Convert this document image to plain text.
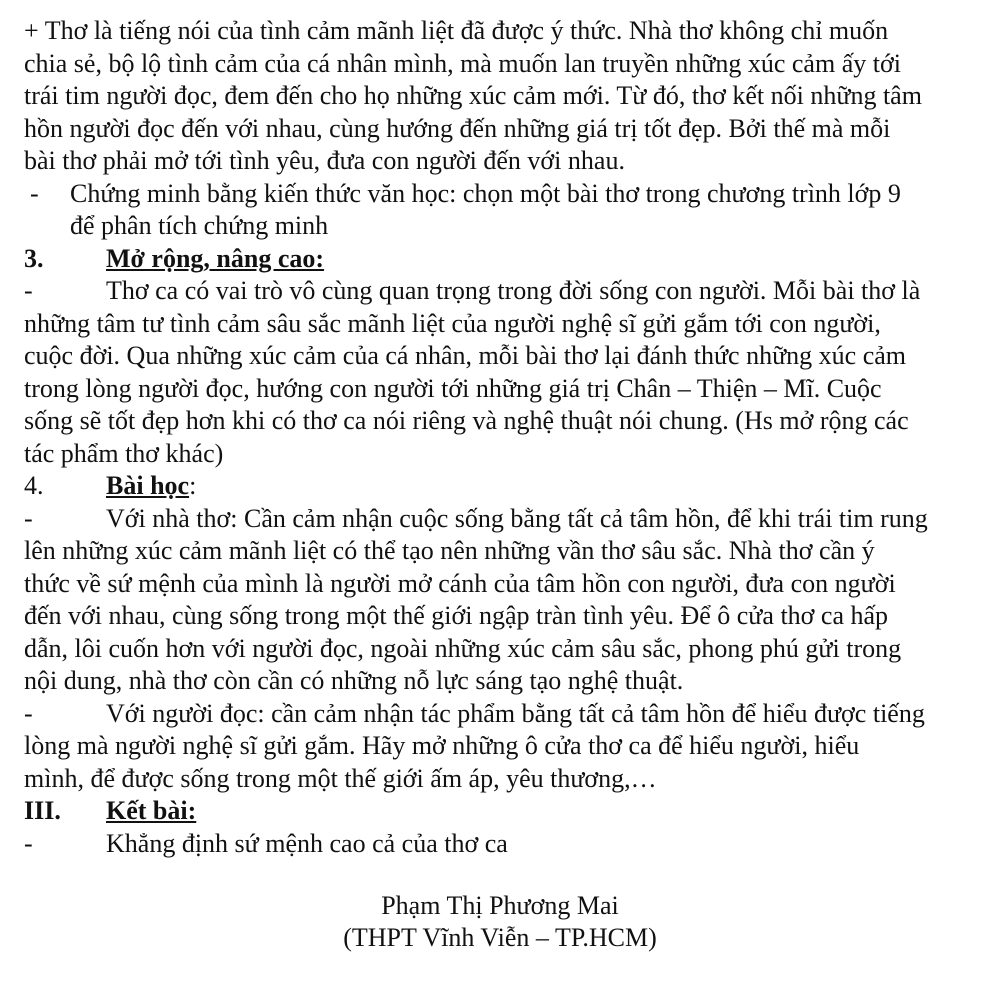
+ Thơ là tiếng nói của tình cảm mãnh liệt đã được ý thức. Nhà thơ không chỉ muốn
chia sẻ, bộ lộ tình cảm của cá nhân mình, mà muốn lan truyền những xúc cảm ấy tới
trái tim người đọc, đem đến cho họ những xúc cảm mới. Từ đó, thơ kết nối những tâm
hồn người đọc đến với nhau, cùng hướng đến những giá trị tốt đẹp. Bởi thế mà mỗi
bài thơ phải mở tới tình yêu, đưa con người đến với nhau.
- Chứng minh bằng kiến thức văn học: chọn một bài thơ trong chương trình lớp 9
để phân tích chứng minh
3. Mở rộng, nâng cao:
-	Thơ ca có vai trò vô cùng quan trọng trong đời sống con người. Mỗi bài thơ là
những tâm tư tình cảm sâu sắc mãnh liệt của người nghệ sĩ gửi gắm tới con người,
cuộc đời. Qua những xúc cảm của cá nhân, mỗi bài thơ lại đánh thức những xúc cảm
trong lòng người đọc, hướng con người tới những giá trị Chân – Thiện – Mĩ. Cuộc
sống sẽ tốt đẹp hơn khi có thơ ca nói riêng và nghệ thuật nói chung. (Hs mở rộng các
tác phẩm thơ khác)
4. Bài học:
-	Với nhà thơ: Cần cảm nhận cuộc sống bằng tất cả tâm hồn, để khi trái tim rung
lên những xúc cảm mãnh liệt có thể tạo nên những vần thơ sâu sắc. Nhà thơ cần ý
thức về sứ mệnh của mình là người mở cánh của tâm hồn con người, đưa con người
đến với nhau, cùng sống trong một thế giới ngập tràn tình yêu. Để ô cửa thơ ca hấp
dẫn, lôi cuốn hơn với người đọc, ngoài những xúc cảm sâu sắc, phong phú gửi trong
nội dung, nhà thơ còn cần có những nỗ lực sáng tạo nghệ thuật.
-	Với người đọc: cần cảm nhận tác phẩm bằng tất cả tâm hồn để hiểu được tiếng
lòng mà người nghệ sĩ gửi gắm. Hãy mở những ô cửa thơ ca để hiểu người, hiểu
mình, để được sống trong một thế giới ấm áp, yêu thương,…
III. Kết bài:
-	Khẳng định sứ mệnh cao cả của thơ ca
Phạm Thị Phương Mai
(THPT Vĩnh Viễn – TP.HCM)
